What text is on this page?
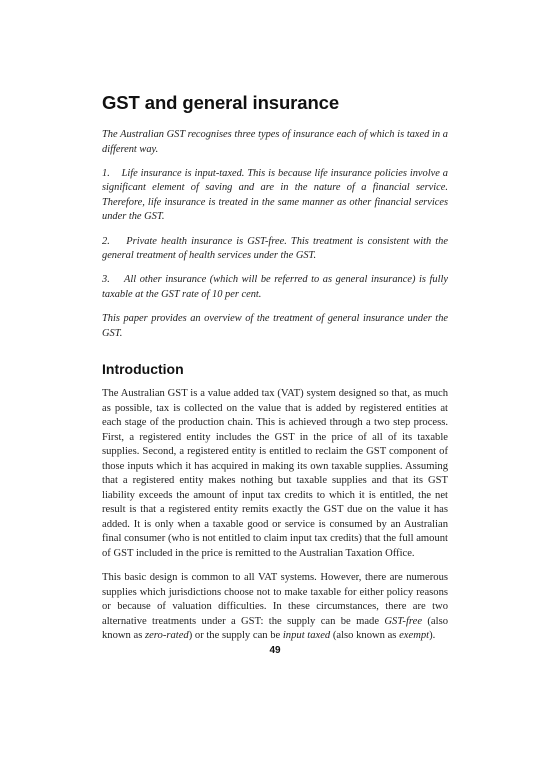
GST and general insurance

The Australian GST recognises three types of insurance each of which is taxed in a different way.

1.    Life insurance is input-taxed. This is because life insurance policies involve a significant element of saving and are in the nature of a financial service. Therefore, life insurance is treated in the same manner as other financial services under the GST.

2.    Private health insurance is GST-free. This treatment is consistent with the general treatment of health services under the GST.

3.    All other insurance (which will be referred to as general insurance) is fully taxable at the GST rate of 10 per cent.

This paper provides an overview of the treatment of general insurance under the GST.

Introduction

The Australian GST is a value added tax (VAT) system designed so that, as much as possible, tax is collected on the value that is added by registered entities at each stage of the production chain. This is achieved through a two step process. First, a registered entity includes the GST in the price of all of its taxable supplies. Second, a registered entity is entitled to reclaim the GST component of those inputs which it has acquired in making its own taxable supplies. Assuming that a registered entity makes nothing but taxable supplies and that its GST liability exceeds the amount of input tax credits to which it is entitled, the net result is that a registered entity remits exactly the GST due on the value it has added. It is only when a taxable good or service is consumed by an Australian final consumer (who is not entitled to claim input tax credits) that the full amount of GST included in the price is remitted to the Australian Taxation Office.

This basic design is common to all VAT systems. However, there are numerous supplies which jurisdictions choose not to make taxable for either policy reasons or because of valuation difficulties. In these circumstances, there are two alternative treatments under a GST: the supply can be made GST-free (also known as zero-rated) or the supply can be input taxed (also known as exempt).

49
